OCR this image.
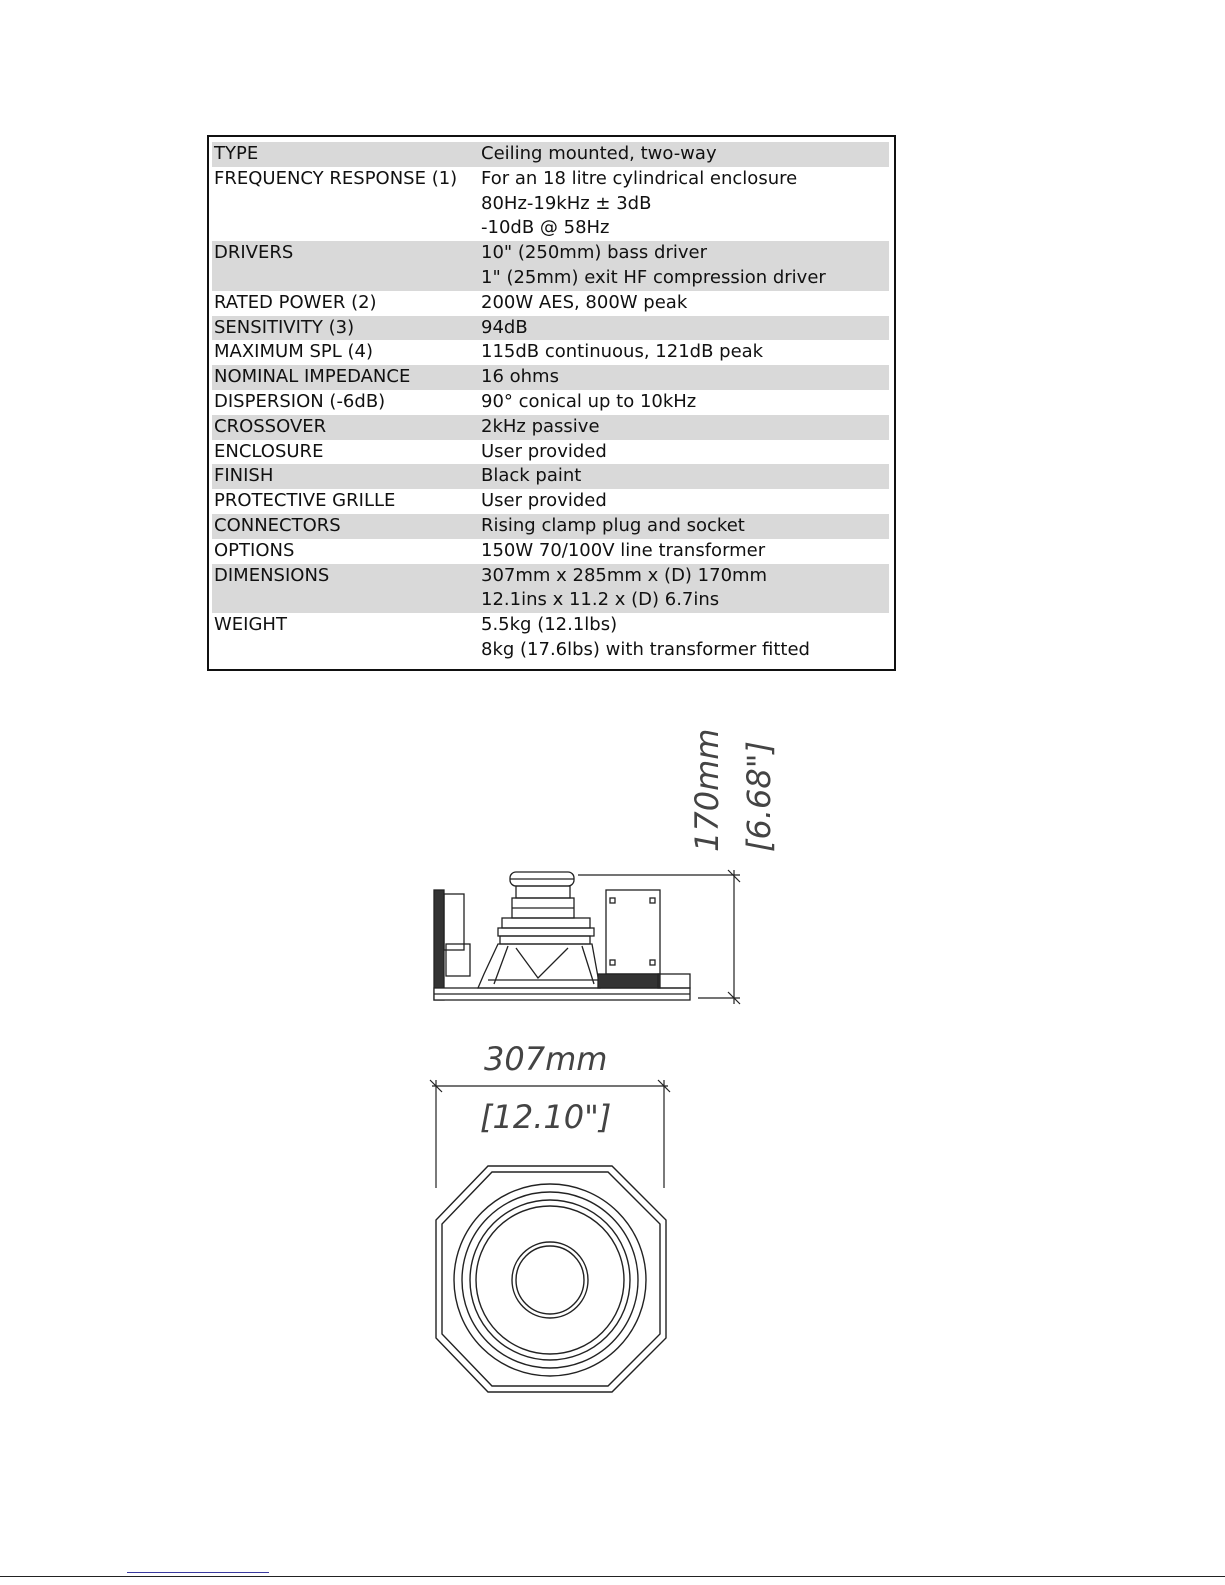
TYPE	Ceiling mounted, two-way
FREQUENCY RESPONSE (1)	For an 18 litre cylindrical enclosure
80Hz-19kHz ± 3dB
-10dB @ 58Hz
DRIVERS	10" (250mm) bass driver
1" (25mm) exit HF compression driver
RATED POWER (2)	200W AES, 800W peak
SENSITIVITY (3)	94dB
MAXIMUM SPL (4)	115dB continuous, 121dB peak
NOMINAL IMPEDANCE	16 ohms
DISPERSION (-6dB)	90° conical up to 10kHz
CROSSOVER	2kHz passive
ENCLOSURE	User provided
FINISH	Black paint
PROTECTIVE GRILLE	User provided
CONNECTORS	Rising clamp plug and socket
OPTIONS	150W 70/100V line transformer
DIMENSIONS	307mm x 285mm x (D) 170mm
12.1ins x 11.2 x (D) 6.7ins
WEIGHT	5.5kg (12.1lbs)
8kg (17.6lbs) with transformer fitted
170mm [6.68"]
307mm
[12.10"]
